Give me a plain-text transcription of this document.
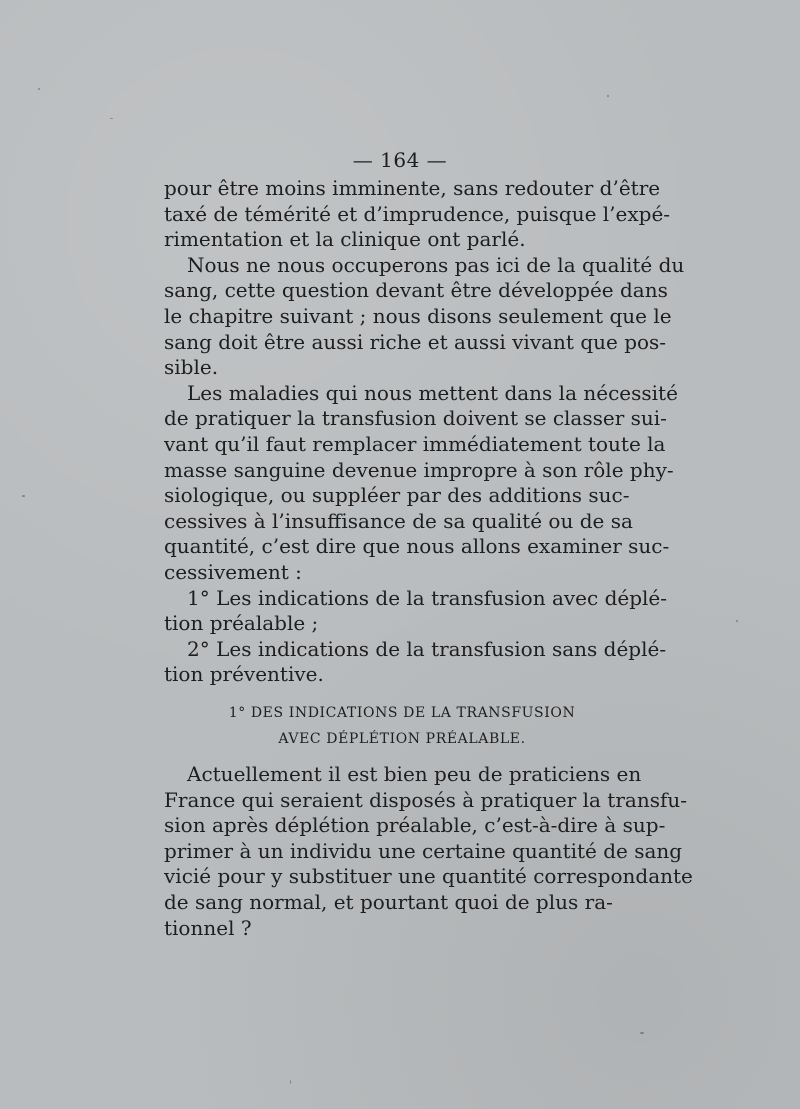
— 164 —
pour être moins imminente, sans redouter d’être
taxé de témérité et d’imprudence, puisque l’expé-
rimentation et la clinique ont parlé.
Nous ne nous occuperons pas ici de la qualité du
sang, cette question devant être développée dans
le chapitre suivant ; nous disons seulement que le
sang doit être aussi riche et aussi vivant que pos-
sible.
Les maladies qui nous mettent dans la nécessité
de pratiquer la transfusion doivent se classer sui-
vant qu’il faut remplacer immédiatement toute la
masse sanguine devenue impropre à son rôle phy-
siologique, ou suppléer par des additions suc-
cessives à l’insuffisance de sa qualité ou de sa
quantité, c’est dire que nous allons examiner suc-
cessivement :
1° Les indications de la transfusion avec déplé-
tion préalable ;
2° Les indications de la transfusion sans déplé-
tion préventive.
1° DES INDICATIONS DE LA TRANSFUSION
AVEC DÉPLÉTION PRÉALABLE.
Actuellement il est bien peu de praticiens en
France qui seraient disposés à pratiquer la transfu-
sion après déplétion préalable, c’est-à-dire à sup-
primer à un individu une certaine quantité de sang
vicié pour y substituer une quantité correspondante
de sang normal, et pourtant quoi de plus ra-
tionnel ?
